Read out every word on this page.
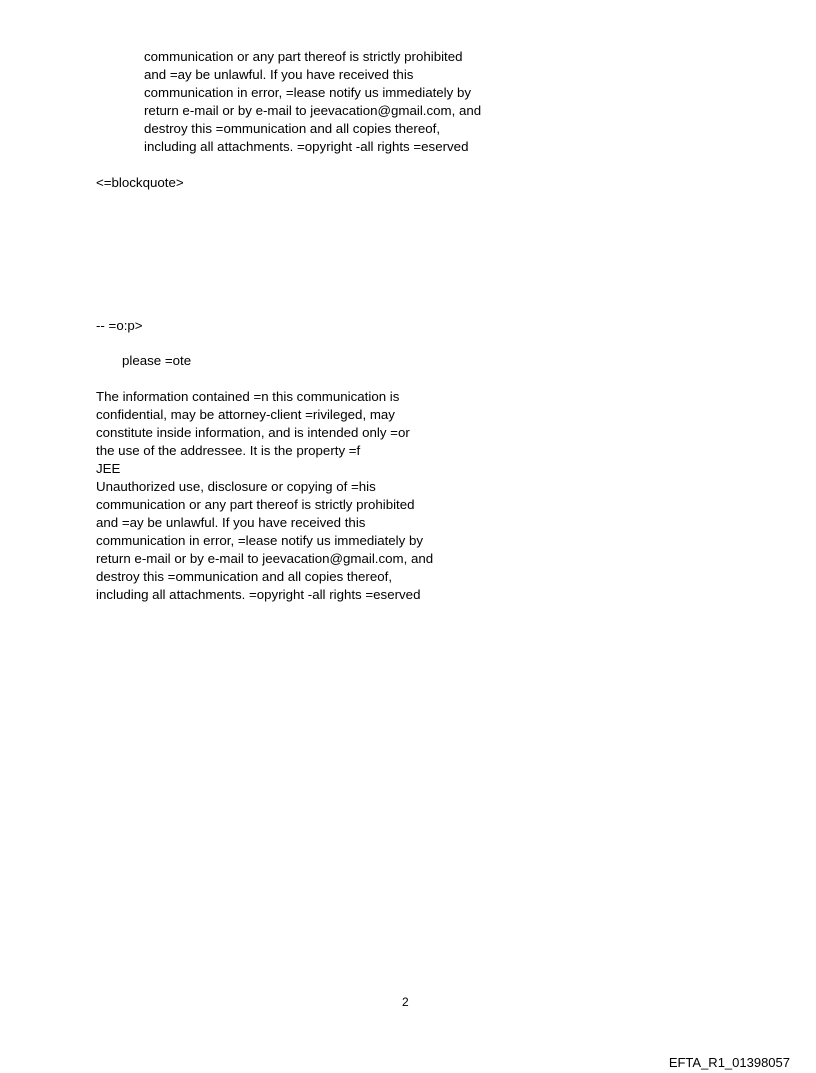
communication or any part thereof is strictly prohibited
and =ay be unlawful. If you have received this
communication in error, =lease notify us immediately by
return e-mail or by e-mail to jeevacation@gmail.com, and
destroy this =ommunication and all copies thereof,
including all attachments. =opyright -all rights =eserved
<=blockquote>
-- =o:p>
please =ote
The information contained =n this communication is
confidential, may be attorney-client =rivileged, may
constitute inside information, and is intended only =or
the use of the addressee. It is the property =f
JEE
Unauthorized use, disclosure or copying of =his
communication or any part thereof is strictly prohibited
and =ay be unlawful. If you have received this
communication in error, =lease notify us immediately by
return e-mail or by e-mail to jeevacation@gmail.com, and
destroy this =ommunication and all copies thereof,
including all attachments. =opyright -all rights =eserved
2
EFTA_R1_01398057
